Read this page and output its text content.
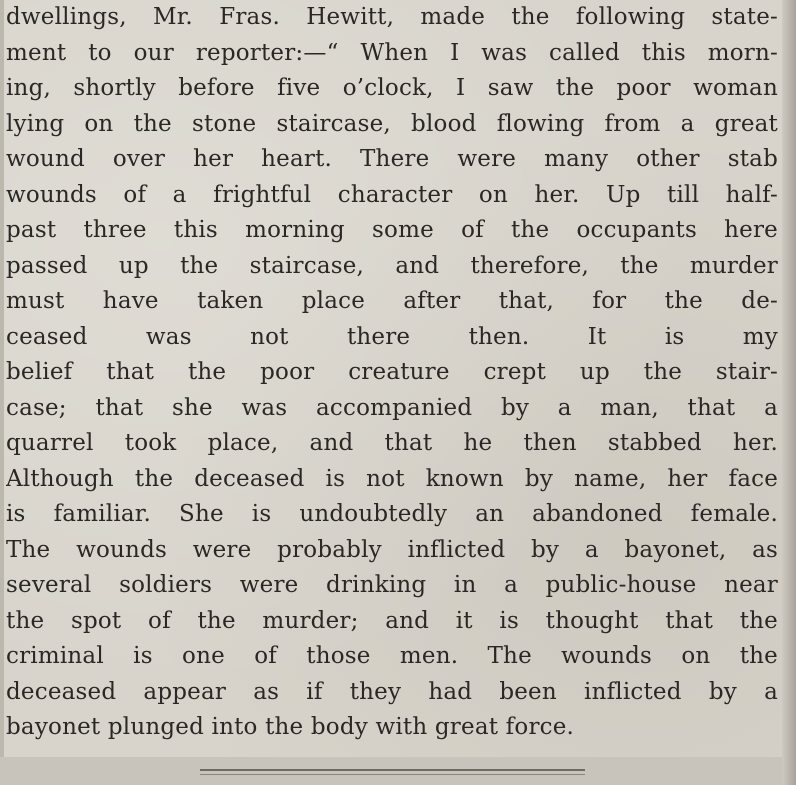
dwellings, Mr. Fras. Hewitt, made the following state-
ment to our reporter:—“ When I was called this morn-
ing, shortly before five o’clock, I saw the poor woman
lying on the stone staircase, blood flowing from a great
wound over her heart. There were many other stab
wounds of a frightful character on her. Up till half-
past three this morning some of the occupants here
passed up the staircase, and therefore, the murder
must have taken place after that, for the de-
ceased was not there then. It is my
belief that the poor creature crept up the stair-
case; that she was accompanied by a man, that a
quarrel took place, and that he then stabbed her.
Although the deceased is not known by name, her face
is familiar. She is undoubtedly an abandoned female.
The wounds were probably inflicted by a bayonet, as
several soldiers were drinking in a public-house near
the spot of the murder; and it is thought that the
criminal is one of those men. The wounds on the
deceased appear as if they had been inflicted by a
bayonet plunged into the body with great force.
